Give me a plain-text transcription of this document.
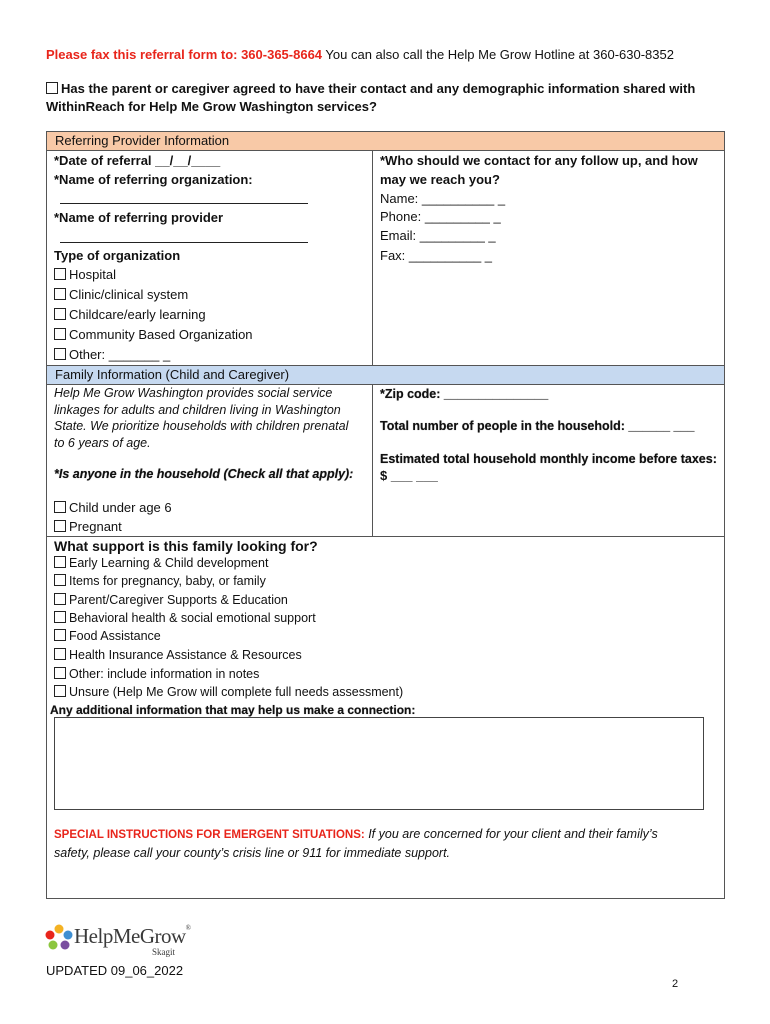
Please fax this referral form to: 360-365-8664 You can also call the Help Me Grow Hotline at 360-630-8352
Has the parent or caregiver agreed to have their contact and any demographic information shared with
WithinReach for Help Me Grow Washington services?
Referring Provider Information
*Date of referral __/__/____
*Name of referring organization:
*Name of referring provider
Type of organization
Hospital
Clinic/clinical system
Childcare/early learning
Community Based Organization
Other: _______ _
*Who should we contact for any follow up, and how
may we reach you?
Name: __________ _
Phone: _________ _
Email: _________ _
Fax: __________ _
Family Information (Child and Caregiver)
Help Me Grow Washington provides social service
linkages for adults and children living in Washington
State. We prioritize households with children prenatal
to 6 years of age.
*Is anyone in the household (Check all that apply):
Child under age 6
Pregnant
*Zip code: _______________
Total number of people in the household: ______ ___
Estimated total household monthly income before taxes:
$ ___ ___
What support is this family looking for?
Early Learning & Child development
Items for pregnancy, baby, or family
Parent/Caregiver Supports & Education
Behavioral health & social emotional support
Food Assistance
Health Insurance Assistance & Resources
Other: include information in notes
Unsure (Help Me Grow will complete full needs assessment)
Any additional information that may help us make a connection:
SPECIAL INSTRUCTIONS FOR EMERGENT SITUATIONS: If you are concerned for your client and their family’s
safety, please call your county’s crisis line or 911 for immediate support.
HelpMeGrow®
Skagit
UPDATED 09_06_2022
2
